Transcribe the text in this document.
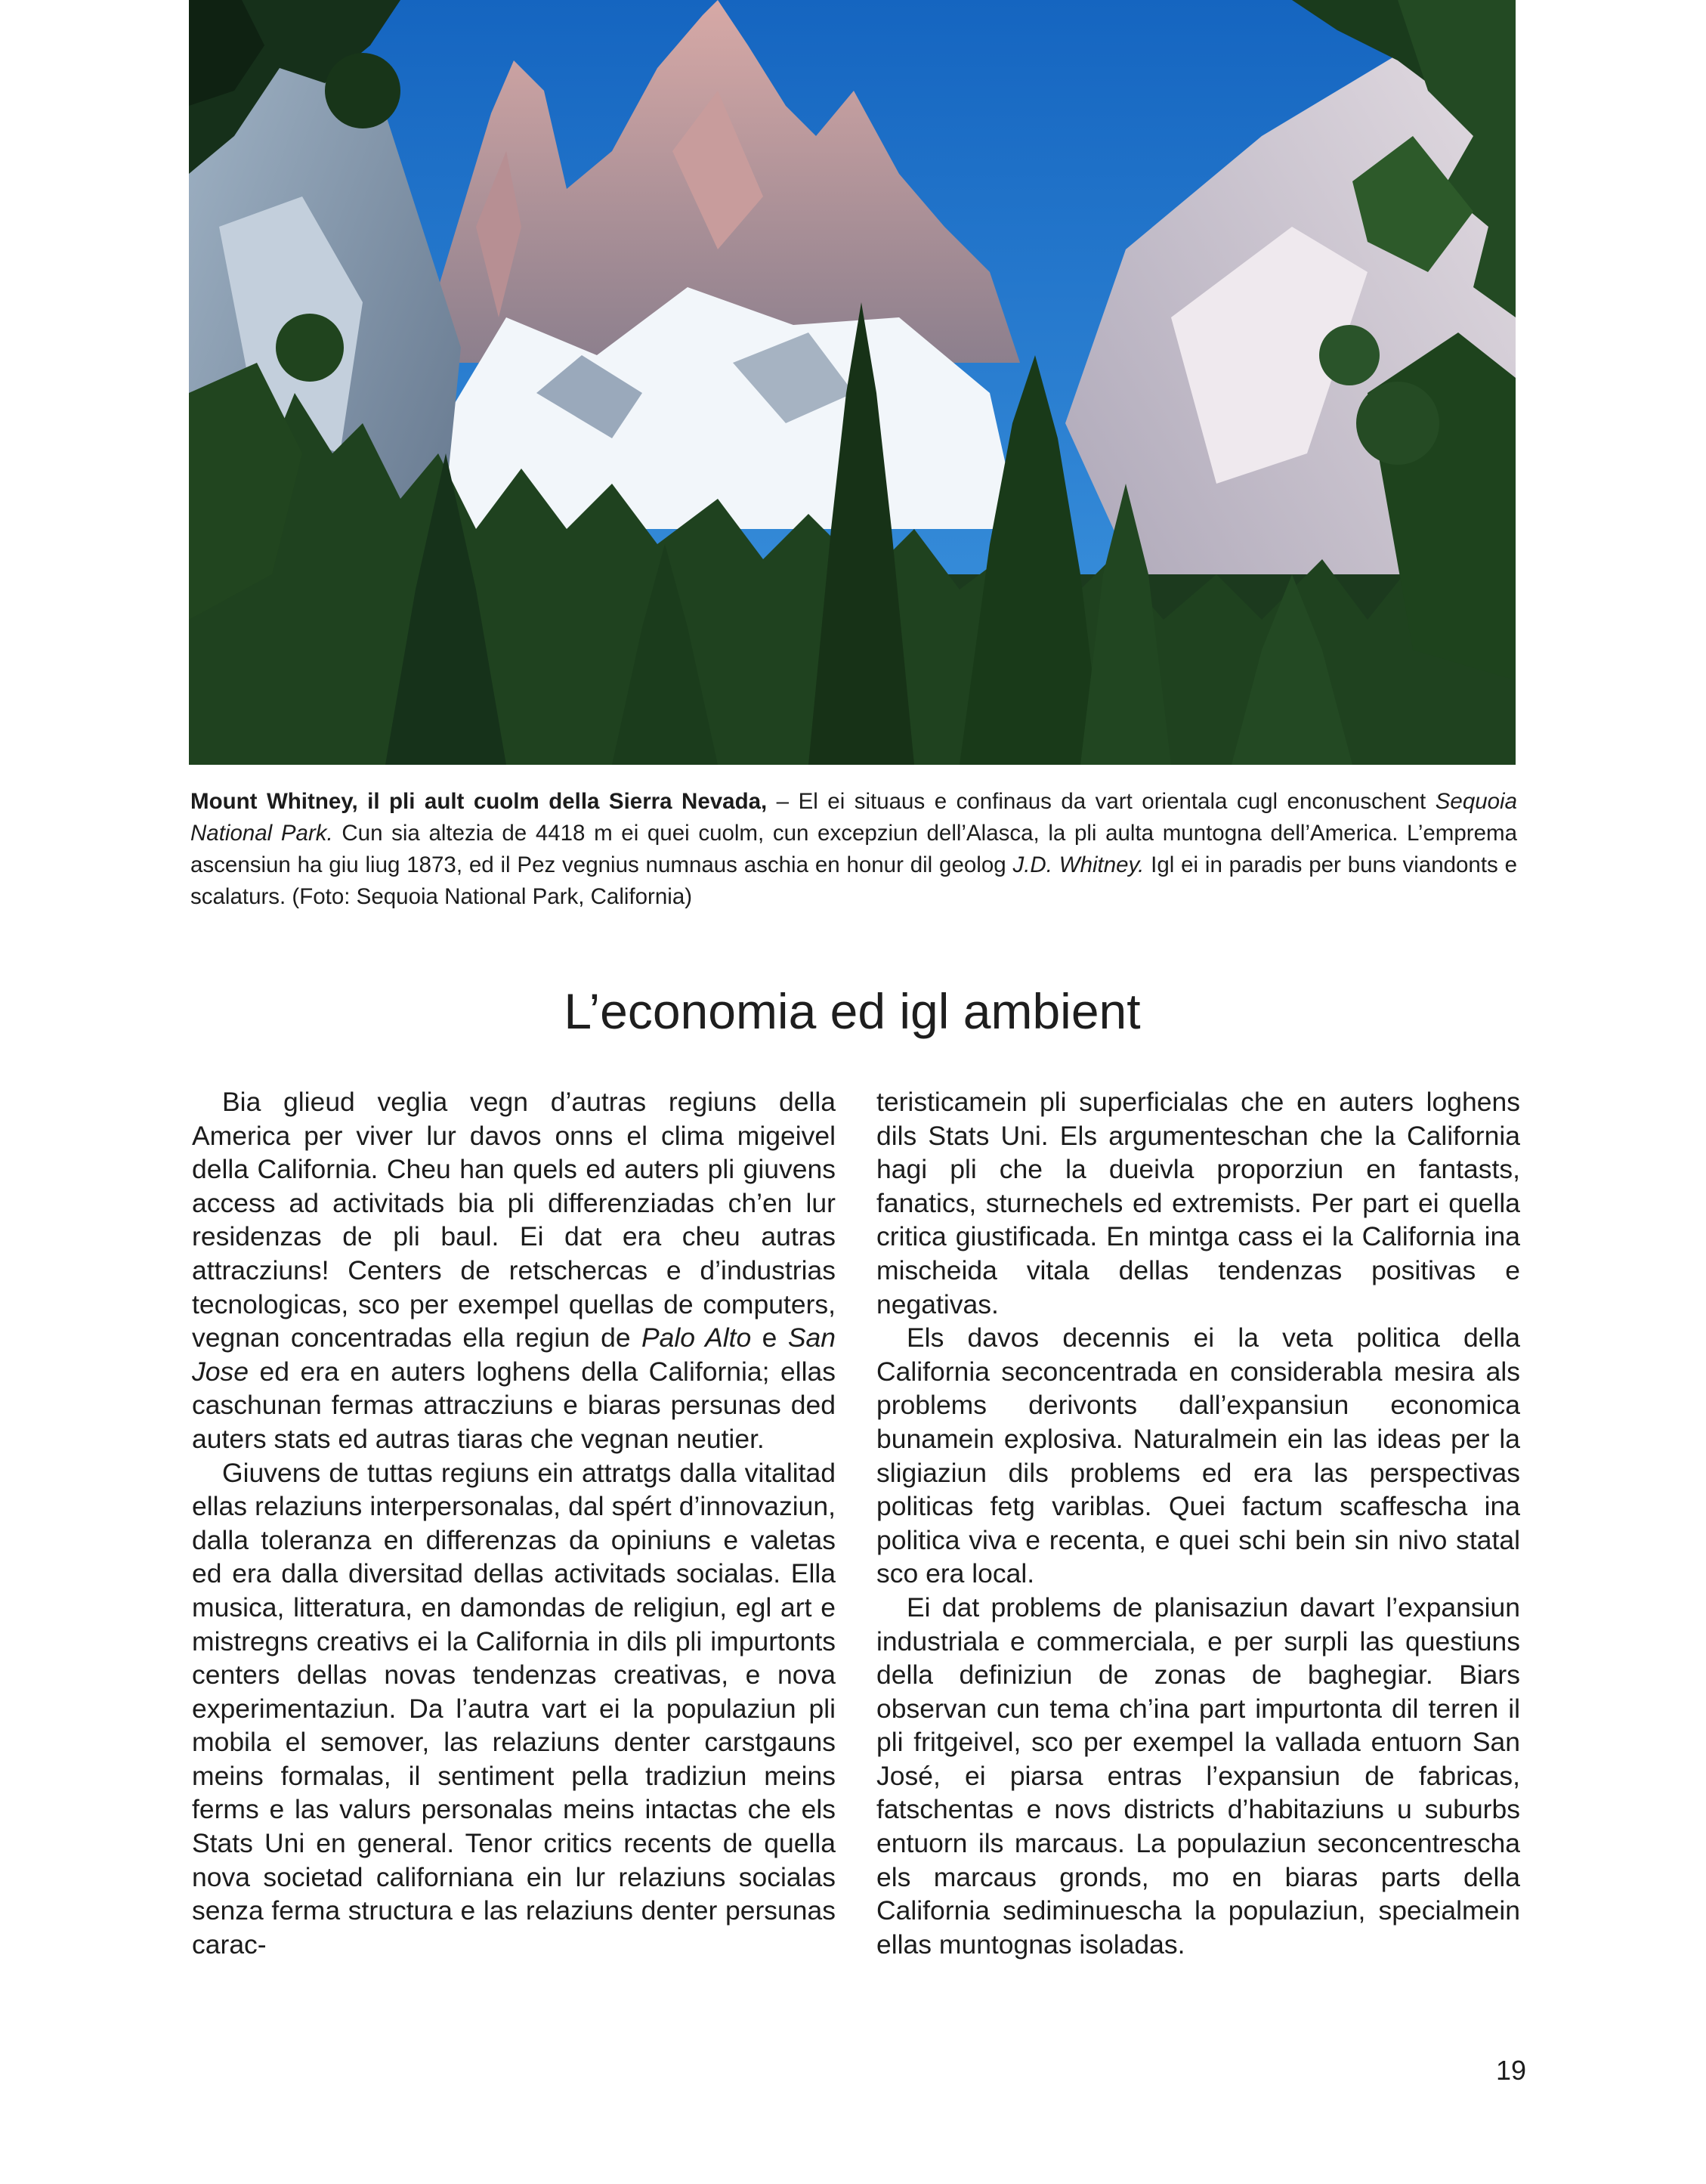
Mount Whitney, il pli ault cuolm della Sierra Nevada, – El ei situaus e confinaus da vart orientala cugl enconuschent Sequoia National Park. Cun sia altezia de 4418 m ei quei cuolm, cun excepziun dell’Alasca, la pli aulta muntogna dell’America. L’emprema ascensiun ha giu liug 1873, ed il Pez vegnius numnaus aschia en honur dil geolog J.D. Whitney. Igl ei in paradis per buns viandonts e scalaturs. (Foto: Sequoia National Park, California)
L’economia ed igl ambient

Bia glieud veglia vegn d’autras regiuns della America per viver lur davos onns el clima migeivel della California. Cheu han quels ed auters pli giuvens access ad activitads bia pli differenziadas ch’en lur residenzas de pli baul. Ei dat era cheu autras attracziuns! Centers de retschercas e d’industrias tecnologicas, sco per exempel quellas de computers, vegnan concentradas ella regiun de Palo Alto e San Jose ed era en auters loghens della California; ellas caschunan fermas attracziuns e biaras persunas ded auters stats ed autras tiaras che vegnan neutier.

Giuvens de tuttas regiuns ein attratgs dalla vitalitad ellas relaziuns interpersonalas, dal spért d’innovaziun, dalla toleranza en differenzas da opiniuns e valetas ed era dalla diversitad dellas activitads socialas. Ella musica, litteratura, en damondas de religiun, egl art e mistregns creativs ei la California in dils pli impurtonts centers dellas novas tendenzas creativas, e nova experimentaziun. Da l’autra vart ei la populaziun pli mobila el semover, las relaziuns denter carstgauns meins formalas, il sentiment pella tradiziun meins ferms e las valurs personalas meins intactas che els Stats Uni en general. Tenor critics recents de quella nova societad californiana ein lur relaziuns socialas senza ferma structura e las relaziuns denter persunas carac-

teristicamein pli superficialas che en auters loghens dils Stats Uni. Els argumenteschan che la California hagi pli che la dueivla proporziun en fantasts, fanatics, sturnechels ed extremists. Per part ei quella critica giustificada. En mintga cass ei la California ina mischeida vitala dellas tendenzas positivas e negativas.

Els davos decennis ei la veta politica della California seconcentrada en considerabla mesira als problems derivonts dall’expansiun economica bunamein explosiva. Naturalmein ein las ideas per la sligiaziun dils problems ed era las perspectivas politicas fetg variblas. Quei factum scaffescha ina politica viva e recenta, e quei schi bein sin nivo statal sco era local.

Ei dat problems de planisaziun davart l’expansiun industriala e commerciala, e per surpli las questiuns della definiziun de zonas de baghegiar. Biars observan cun tema ch’ina part impurtonta dil terren il pli fritgeivel, sco per exempel la vallada entuorn San José, ei piarsa entras l’expansiun de fabricas, fatschentas e novs districts d’habitaziuns u suburbs entuorn ils marcaus. La populaziun seconcentrescha els marcaus gronds, mo en biaras parts della California sediminuescha la populaziun, specialmein ellas muntognas isoladas.

19
